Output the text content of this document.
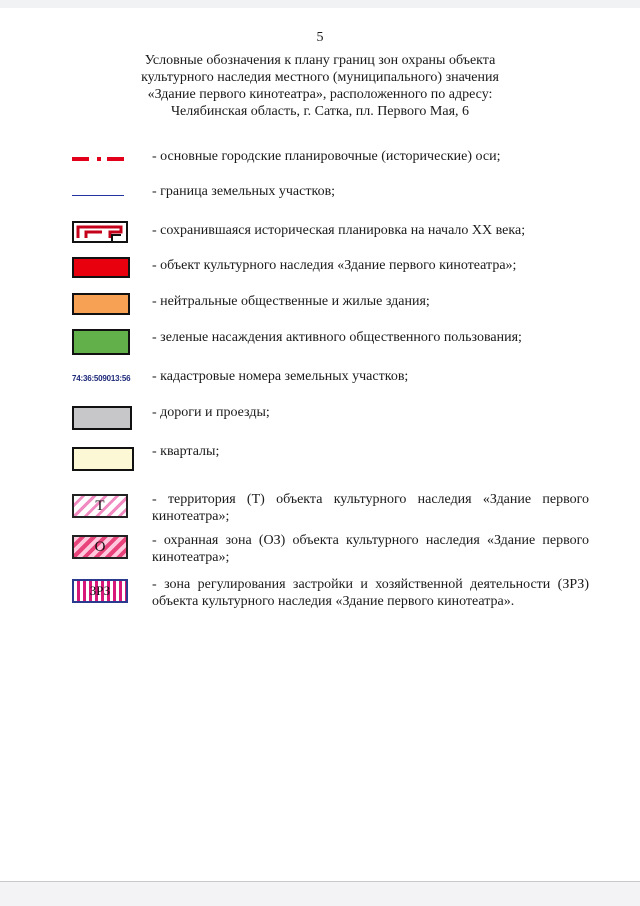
5
Условные обозначения к плану границ зон охраны объекта
культурного наследия местного (муниципального) значения
«Здание первого кинотеатра», расположенного по адресу:
Челябинская область, г. Сатка, пл. Первого Мая, 6
- основные городские планировочные (исторические) оси;
- граница земельных участков;
- сохранившаяся историческая планировка на начало XX века;
- объект культурного наследия «Здание первого кинотеатра»;
- нейтральные общественные и жилые здания;
- зеленые насаждения активного общественного пользования;
74:36:509013:56 - кадастровые номера земельных участков;
- дороги и проезды;
- кварталы;
Т	- территория (Т) объекта культурного наследия «Здание первого кинотеатра»;
О	- охранная зона (ОЗ) объекта культурного наследия «Здание первого кинотеатра»;
ЗРЗ	- зона регулирования застройки и хозяйственной деятельности (ЗРЗ) объекта культурного наследия «Здание первого кинотеатра».
